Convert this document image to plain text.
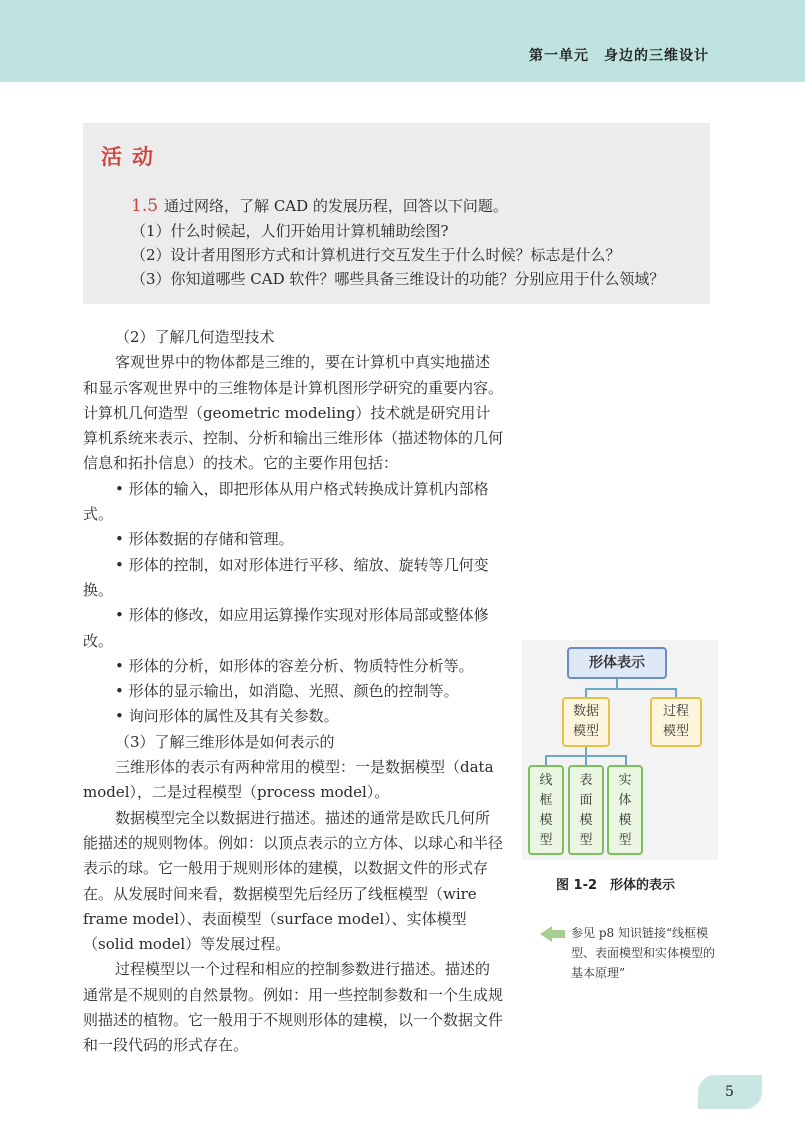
第一单元　身边的三维设计
活动
1.5 通过网络，了解 CAD 的发展历程，回答以下问题。
（1）什么时候起，人们开始用计算机辅助绘图?
（2）设计者用图形方式和计算机进行交互发生于什么时候？标志是什么？
（3）你知道哪些 CAD 软件？哪些具备三维设计的功能？分别应用于什么领域？

（2）了解几何造型技术

客观世界中的物体都是三维的，要在计算机中真实地描述和显示客观世界中的三维物体是计算机图形学研究的重要内容。计算机几何造型（geometric modeling）技术就是研究用计算机系统来表示、控制、分析和输出三维形体（描述物体的几何信息和拓扑信息）的技术。它的主要作用包括：

• 形体的输入，即把形体从用户格式转换成计算机内部格式。

• 形体数据的存储和管理。

• 形体的控制，如对形体进行平移、缩放、旋转等几何变换。

• 形体的修改，如应用运算操作实现对形体局部或整体修改。

• 形体的分析，如形体的容差分析、物质特性分析等。

• 形体的显示输出，如消隐、光照、颜色的控制等。

• 询问形体的属性及其有关参数。

（3）了解三维形体是如何表示的

三维形体的表示有两种常用的模型：一是数据模型（data model），二是过程模型（process model）。

数据模型完全以数据进行描述。描述的通常是欧氏几何所能描述的规则物体。例如：以顶点表示的立方体、以球心和半径表示的球。它一般用于规则形体的建模，以数据文件的形式存在。从发展时间来看，数据模型先后经历了线框模型（wire frame model）、表面模型（surface model）、实体模型（solid model）等发展过程。

过程模型以一个过程和相应的控制参数进行描述。描述的通常是不规则的自然景物。例如：用一些控制参数和一个生成规则描述的植物。它一般用于不规则形体的建模，以一个数据文件和一段代码的形式存在。

形体表示
数据
模型
过程
模型
线
框
模
型
表
面
模
型
实
体
模
型
图 1-2　形体的表示
参见 p8 知识链接“线框模型、表面模型和实体模型的基本原理”
5
